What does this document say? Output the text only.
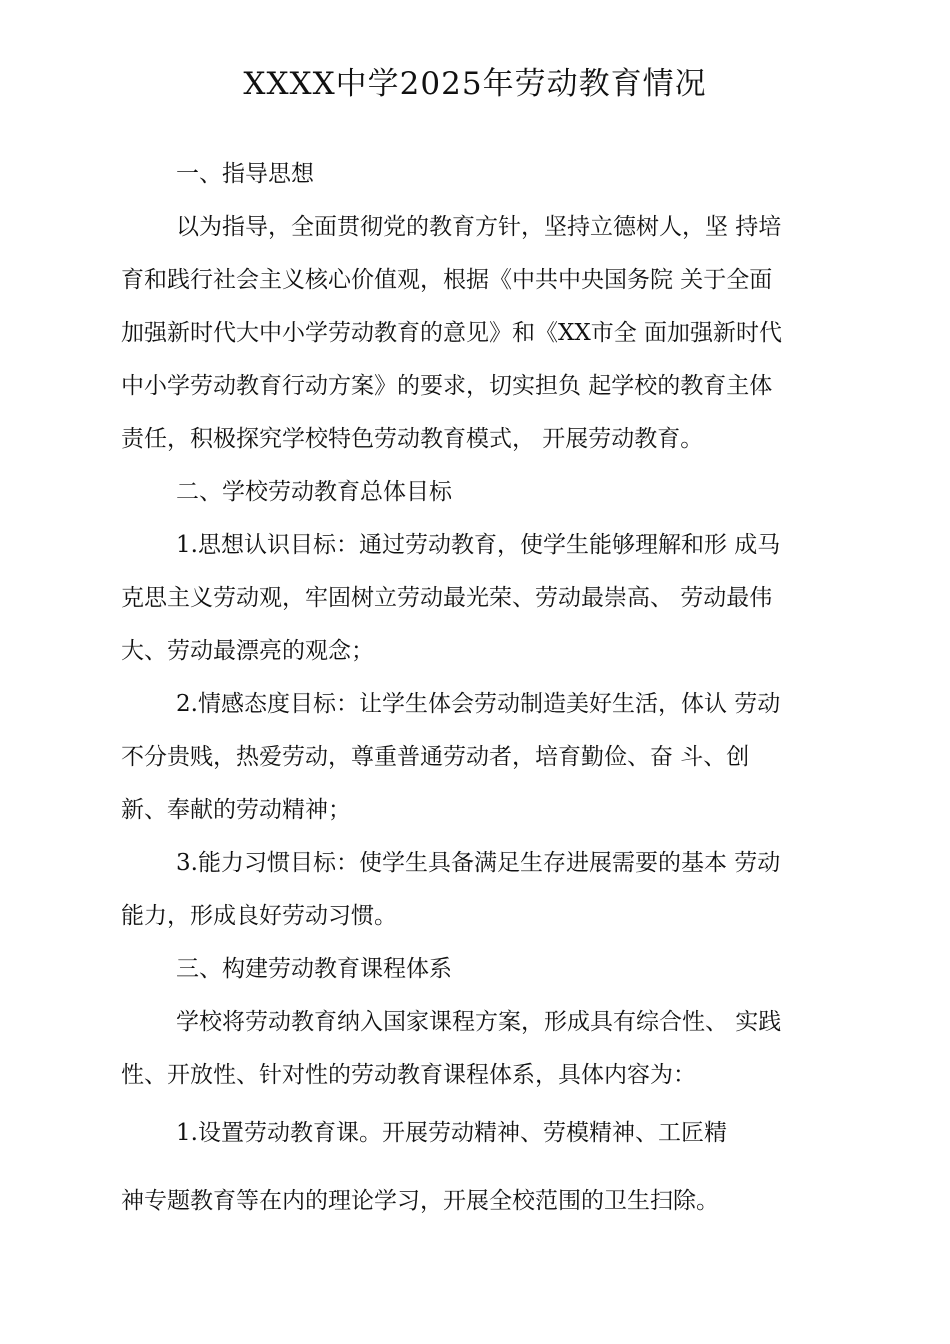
XXXX中学2025年劳动教育情况
一、指导思想
以为指导，全面贯彻党的教育方针，坚持立德树人，坚 持培
育和践行社会主义核心价值观，根据《中共中央国务院 关于全面
加强新时代大中小学劳动教育的意见》和《XX市全 面加强新时代
中小学劳动教育行动方案》的要求，切实担负 起学校的教育主体
责任，积极探究学校特色劳动教育模式， 开展劳动教育。
二、学校劳动教育总体目标
1.思想认识目标：通过劳动教育，使学生能够理解和形 成马
克思主义劳动观，牢固树立劳动最光荣、劳动最崇高、 劳动最伟
大、劳动最漂亮的观念；
2.情感态度目标：让学生体会劳动制造美好生活，体认 劳动
不分贵贱，热爱劳动，尊重普通劳动者，培育勤俭、奋 斗、创
新、奉献的劳动精神；
3.能力习惯目标：使学生具备满足生存进展需要的基本 劳动
能力，形成良好劳动习惯。
三、构建劳动教育课程体系
学校将劳动教育纳入国家课程方案，形成具有综合性、 实践
性、开放性、针对性的劳动教育课程体系，具体内容为：
1.设置劳动教育课。开展劳动精神、劳模精神、工匠精
神专题教育等在内的理论学习，开展全校范围的卫生扫除。
